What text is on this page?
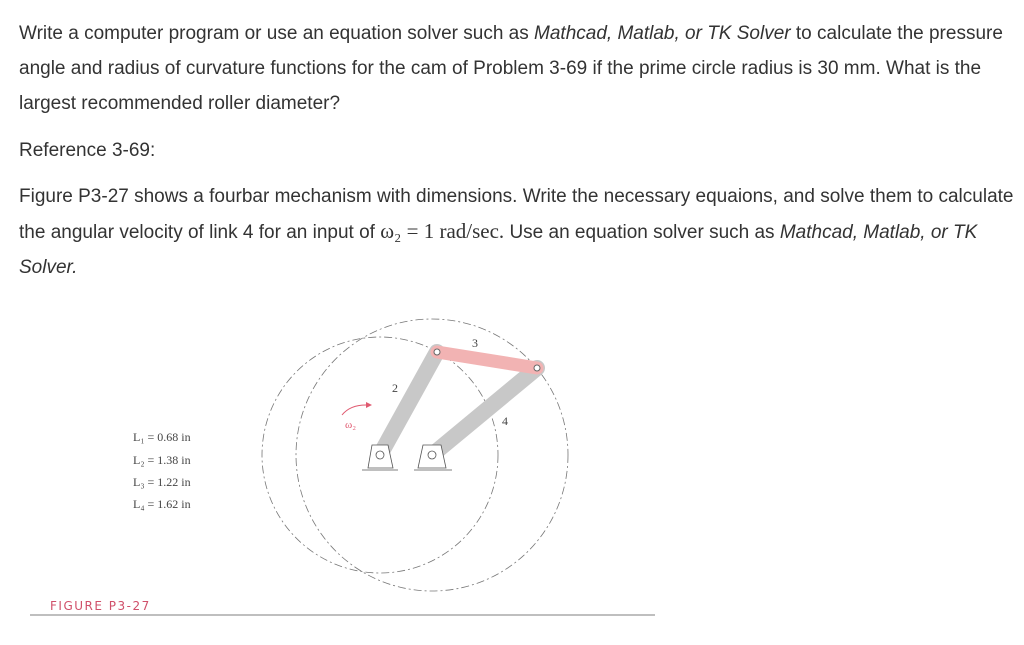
Write a computer program or use an equation solver such as Mathcad, Matlab, or TK Solver to calculate the pressure angle and radius of curvature functions for the cam of Problem 3-69 if the prime circle radius is 30 mm. What is the largest recommended roller diameter?
Reference 3-69:
Figure P3-27 shows a fourbar mechanism with dimensions. Write the necessary equaions, and solve them to calculate the angular velocity of link 4 for an input of ω₂ = 1 rad/sec. Use an equation solver such as Mathcad, Matlab, or TK Solver.
ω₂
2
3
4
L₁ = 0.68 in
L₂ = 1.38 in
L₃ = 1.22 in
L₄ = 1.62 in
FIGURE P3-27
